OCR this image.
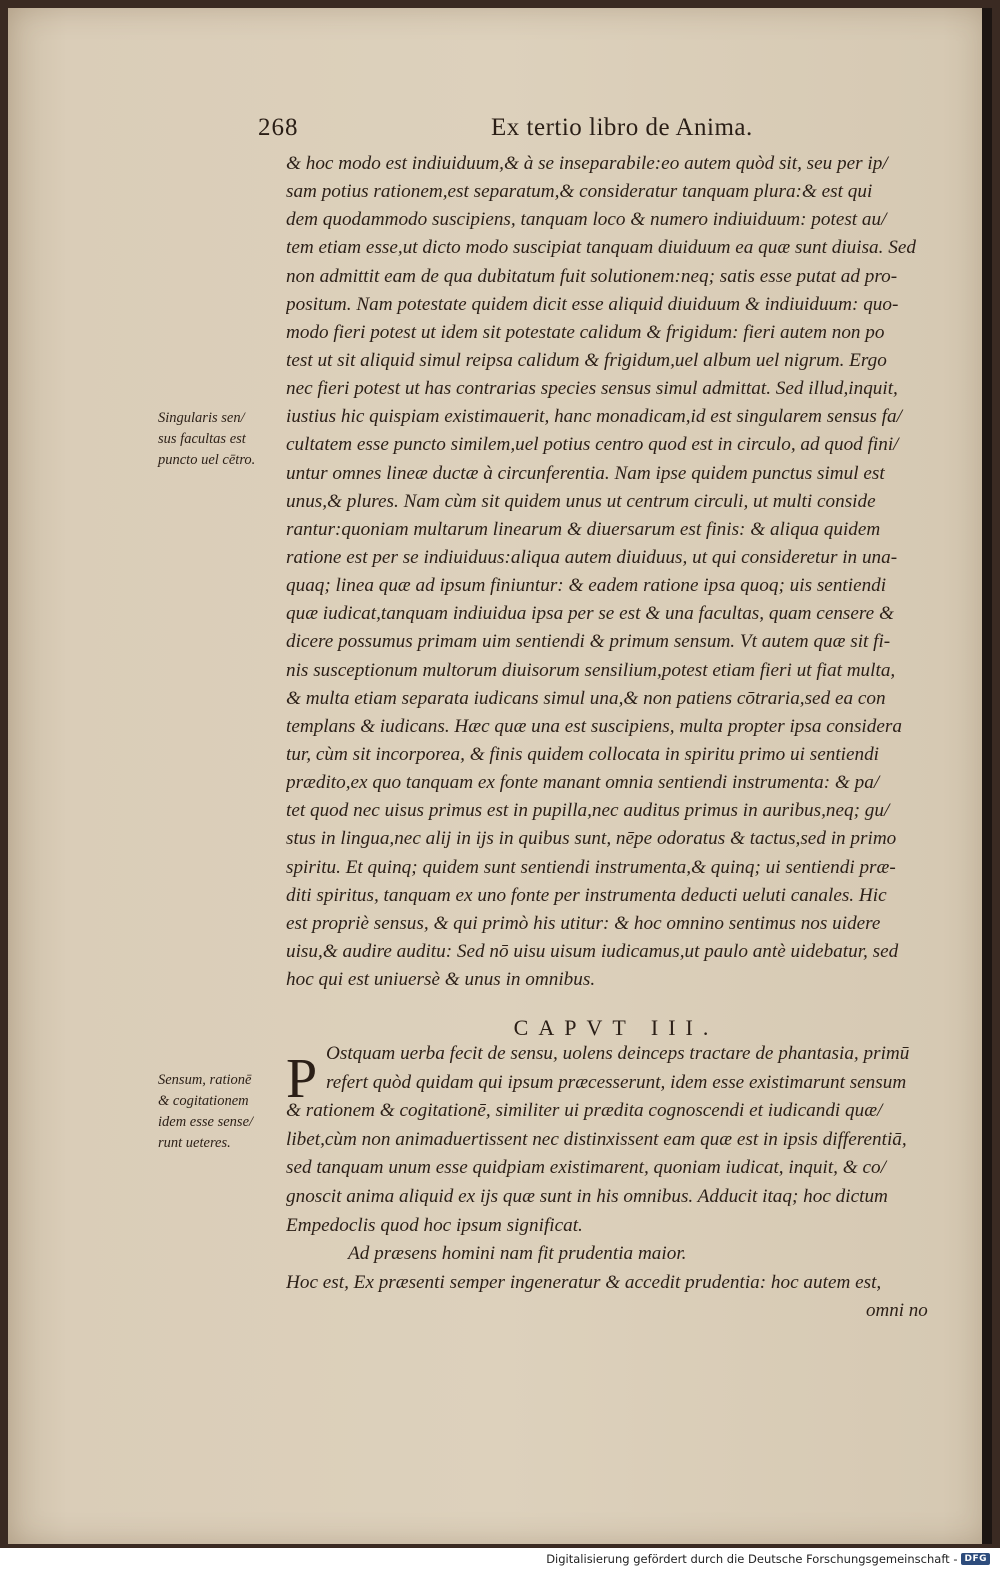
268	Ex tertio libro de Anima.
& hoc modo est indiuiduum,& à se inseparabile:eo autem quòd sit, seu per ip/
sam potius rationem,est separatum,& consideratur tanquam plura:& est qui
dem quodammodo suscipiens, tanquam loco & numero indiuiduum: potest au/
tem etiam esse,ut dicto modo suscipiat tanquam diuiduum ea quæ sunt diuisa. Sed
non admittit eam de qua dubitatum fuit solutionem:neq; satis esse putat ad pro-
positum. Nam potestate quidem dicit esse aliquid diuiduum & indiuiduum: quo-
modo fieri potest ut idem sit potestate calidum & frigidum: fieri autem non po
test ut sit aliquid simul reipsa calidum & frigidum,uel album uel nigrum. Ergo
nec fieri potest ut has contrarias species sensus simul admittat. Sed illud,inquit,
iustius hic quispiam existimauerit, hanc monadicam,id est singularem sensus fa/
cultatem esse puncto similem,uel potius centro quod est in circulo, ad quod fini/
untur omnes lineæ ductæ à circunferentia. Nam ipse quidem punctus simul est
unus,& plures. Nam cùm sit quidem unus ut centrum circuli, ut multi conside
rantur:quoniam multarum linearum & diuersarum est finis: & aliqua quidem
ratione est per se indiuiduus:aliqua autem diuiduus, ut qui consideretur in una-
quaq; linea quæ ad ipsum finiuntur: & eadem ratione ipsa quoq; uis sentiendi
quæ iudicat,tanquam indiuidua ipsa per se est & una facultas, quam censere &
dicere possumus primam uim sentiendi & primum sensum. Vt autem quæ sit fi-
nis susceptionum multorum diuisorum sensilium,potest etiam fieri ut fiat multa,
& multa etiam separata iudicans simul una,& non patiens cōtraria,sed ea con
templans & iudicans. Hæc quæ una est suscipiens, multa propter ipsa considera
tur, cùm sit incorporea, & finis quidem collocata in spiritu primo ui sentiendi
prædito,ex quo tanquam ex fonte manant omnia sentiendi instrumenta: & pa/
tet quod nec uisus primus est in pupilla,nec auditus primus in auribus,neq; gu/
stus in lingua,nec alij in ijs in quibus sunt, nēpe odoratus & tactus,sed in primo
spiritu. Et quinq; quidem sunt sentiendi instrumenta,& quinq; ui sentiendi præ-
diti spiritus, tanquam ex uno fonte per instrumenta deducti ueluti canales. Hic
est propriè sensus, & qui primò his utitur: & hoc omnino sentimus nos uidere
uisu,& audire auditu: Sed nō uisu uisum iudicamus,ut paulo antè uidebatur, sed
hoc qui est uniuersè & unus in omnibus.
CAPVT III.
P Ostquam uerba fecit de sensu, uolens deinceps tractare de phantasia, primū
refert quòd quidam qui ipsum præcesserunt, idem esse existimarunt sensum
& rationem & cogitationē, similiter ui prædita cognoscendi et iudicandi quæ/
libet,cùm non animaduertissent nec distinxissent eam quæ est in ipsis differentiā,
sed tanquam unum esse quidpiam existimarent, quoniam iudicat, inquit, & co/
gnoscit anima aliquid ex ijs quæ sunt in his omnibus. Adducit itaq; hoc dictum
Empedoclis quod hoc ipsum significat.
Ad præsens homini nam fit prudentia maior.
Hoc est, Ex præsenti semper ingeneratur & accedit prudentia: hoc autem est,
omni no
Singularis sen/
sus facultas est
puncto uel cētro.
Sensum, rationē
& cogitationem
idem esse sense/
runt ueteres.
Digitalisierung gefördert durch die Deutsche Forschungsgemeinschaft - DFG
